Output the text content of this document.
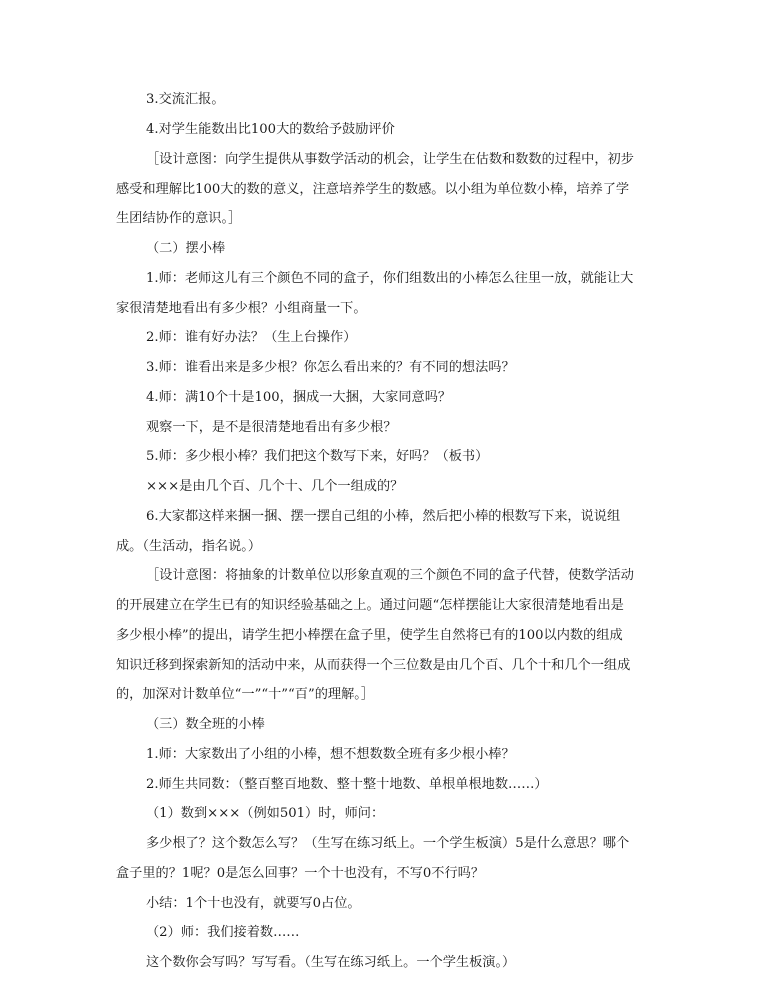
3.交流汇报。
4.对学生能数出比100大的数给予鼓励评价
［设计意图：向学生提供从事数学活动的机会，让学生在估数和数数的过程中，初步
感受和理解比100大的数的意义，注意培养学生的数感。以小组为单位数小棒，培养了学
生团结协作的意识。］
（二）摆小棒
1.师：老师这儿有三个颜色不同的盒子，你们组数出的小棒怎么往里一放，就能让大
家很清楚地看出有多少根？小组商量一下。
2.师：谁有好办法？（生上台操作）
3.师：谁看出来是多少根？你怎么看出来的？有不同的想法吗？
4.师：满10个十是100，捆成一大捆，大家同意吗？
观察一下，是不是很清楚地看出有多少根？
5.师：多少根小棒？我们把这个数写下来，好吗？（板书）
×××是由几个百、几个十、几个一组成的？
6.大家都这样来捆一捆、摆一摆自己组的小棒，然后把小棒的根数写下来，说说组
成。（生活动，指名说。）
［设计意图：将抽象的计数单位以形象直观的三个颜色不同的盒子代替，使数学活动
的开展建立在学生已有的知识经验基础之上。通过问题“怎样摆能让大家很清楚地看出是
多少根小棒”的提出，请学生把小棒摆在盒子里，使学生自然将已有的100以内数的组成
知识迁移到探索新知的活动中来，从而获得一个三位数是由几个百、几个十和几个一组成
的，加深对计数单位“一”“十”“百”的理解。］
（三）数全班的小棒
1.师：大家数出了小组的小棒，想不想数数全班有多少根小棒？
2.师生共同数：（整百整百地数、整十整十地数、单根单根地数……）
（1）数到×××（例如501）时，师问：
多少根了？这个数怎么写？（生写在练习纸上。一个学生板演）5是什么意思？哪个
盒子里的？1呢？0是怎么回事？一个十也没有，不写0不行吗？
小结：1个十也没有，就要写0占位。
（2）师：我们接着数……
这个数你会写吗？写写看。（生写在练习纸上。一个学生板演。）
